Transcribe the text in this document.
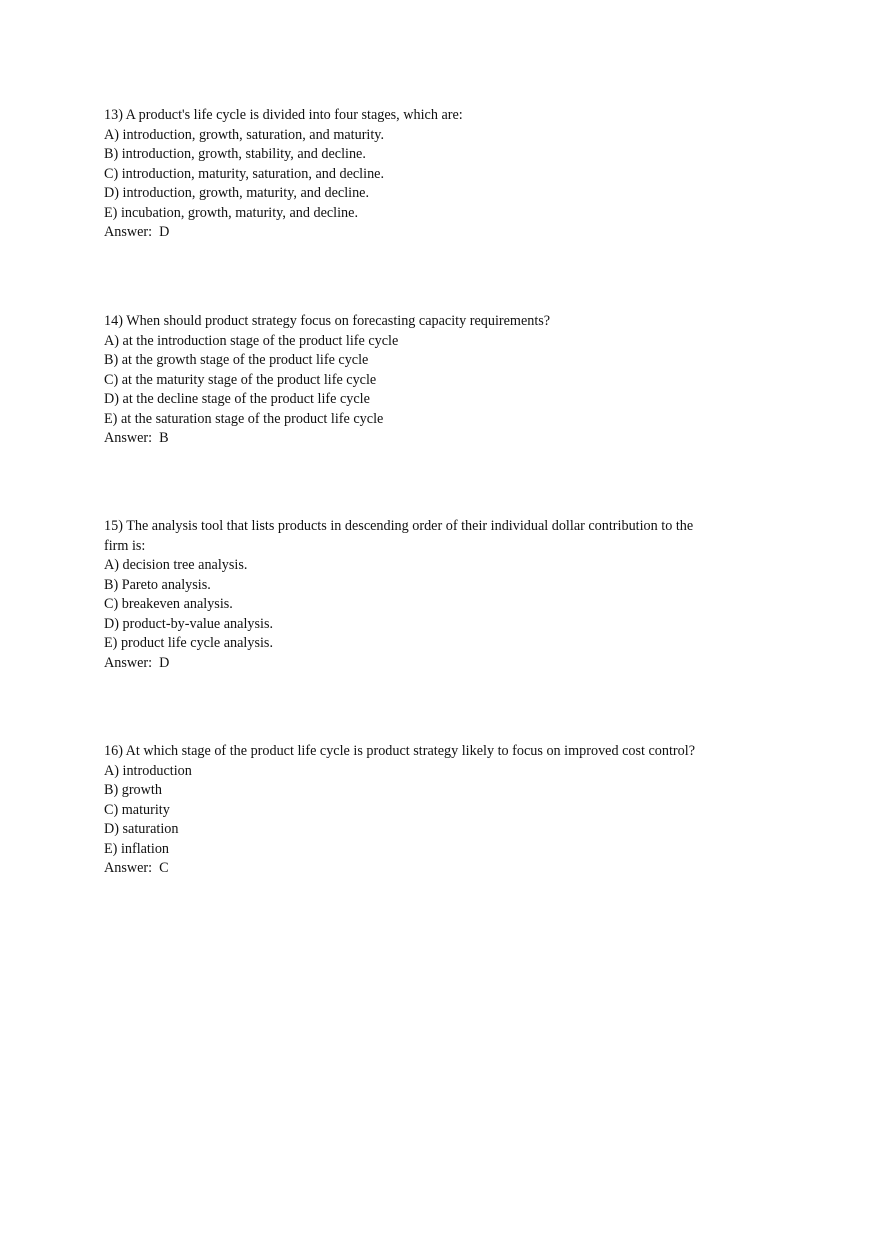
13) A product's life cycle is divided into four stages, which are:
A) introduction, growth, saturation, and maturity.
B) introduction, growth, stability, and decline.
C) introduction, maturity, saturation, and decline.
D) introduction, growth, maturity, and decline.
E) incubation, growth, maturity, and decline.
Answer:  D
14) When should product strategy focus on forecasting capacity requirements?
A) at the introduction stage of the product life cycle
B) at the growth stage of the product life cycle
C) at the maturity stage of the product life cycle
D) at the decline stage of the product life cycle
E) at the saturation stage of the product life cycle
Answer:  B
15) The analysis tool that lists products in descending order of their individual dollar contribution to the firm is:
A) decision tree analysis.
B) Pareto analysis.
C) breakeven analysis.
D) product-by-value analysis.
E) product life cycle analysis.
Answer:  D
16) At which stage of the product life cycle is product strategy likely to focus on improved cost control?
A) introduction
B) growth
C) maturity
D) saturation
E) inflation
Answer:  C
